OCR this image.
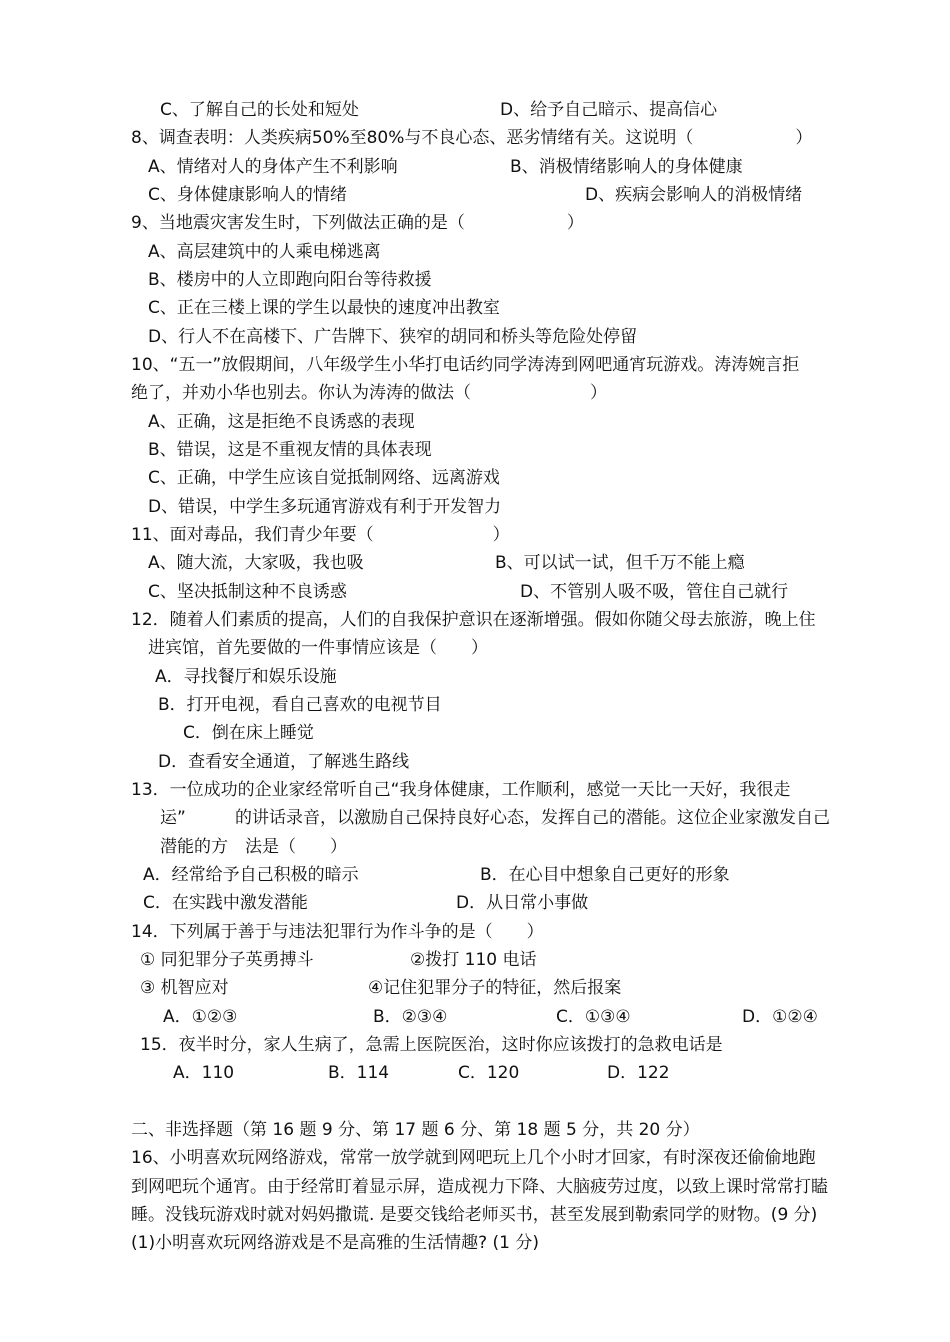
C、了解自己的长处和短处	D、给予自己暗示、提高信心
8、调查表明：人类疾病50%至80%与不良心态、恶劣情绪有关。这说明（　　　　　　）
A、情绪对人的身体产生不利影响	B、消极情绪影响人的身体健康
C、身体健康影响人的情绪	D、疾病会影响人的消极情绪
9、当地震灾害发生时，下列做法正确的是（　　　　　　）
A、高层建筑中的人乘电梯逃离
B、楼房中的人立即跑向阳台等待救援
C、正在三楼上课的学生以最快的速度冲出教室
D、行人不在高楼下、广告牌下、狭窄的胡同和桥头等危险处停留
10、“五一”放假期间，八年级学生小华打电话约同学涛涛到网吧通宵玩游戏。涛涛婉言拒
绝了，并劝小华也别去。你认为涛涛的做法（　　　　　　　）
A、正确，这是拒绝不良诱惑的表现
B、错误，这是不重视友情的具体表现
C、正确，中学生应该自觉抵制网络、远离游戏
D、错误，中学生多玩通宵游戏有利于开发智力
11、面对毒品，我们青少年要（　　　　　　　）
A、随大流，大家吸，我也吸	B、可以试一试，但千万不能上瘾
C、坚决抵制这种不良诱惑	D、不管别人吸不吸，管住自己就行
12．随着人们素质的提高，人们的自我保护意识在逐渐增强。假如你随父母去旅游，晚上住
进宾馆，首先要做的一件事情应该是（　　）
A．寻找餐厅和娱乐设施
B．打开电视，看自己喜欢的电视节目
C．倒在床上睡觉
D．查看安全通道，了解逃生路线
13．一位成功的企业家经常听自己“我身体健康，工作顺利，感觉一天比一天好，我很走
运”	的讲话录音，以激励自己保持良好心态，发挥自己的潜能。这位企业家激发自己
潜能的方　法是（　　）
A．经常给予自己积极的暗示	B．在心目中想象自己更好的形象
C．在实践中激发潜能	D．从日常小事做
14．下列属于善于与违法犯罪行为作斗争的是（　　）
① 同犯罪分子英勇搏斗	②拨打 110 电话
③ 机智应对	④记住犯罪分子的特征，然后报案
A．①②③	B．②③④	C．①③④	D．①②④
15．夜半时分，家人生病了，急需上医院医治，这时你应该拨打的急救电话是
A．110	B．114	C．120	D．122
二、非选择题（第 16 题 9 分、第 17 题 6 分、第 18 题 5 分，共 20 分）
16、小明喜欢玩网络游戏，常常一放学就到网吧玩上几个小时才回家，有时深夜还偷偷地跑
到网吧玩个通宵。由于经常盯着显示屏，造成视力下降、大脑疲劳过度，以致上课时常常打瞌
睡。没钱玩游戏时就对妈妈撒谎. 是要交钱给老师买书，甚至发展到勒索同学的财物。(9 分)
(1)小明喜欢玩网络游戏是不是高雅的生活情趣? (1 分)
